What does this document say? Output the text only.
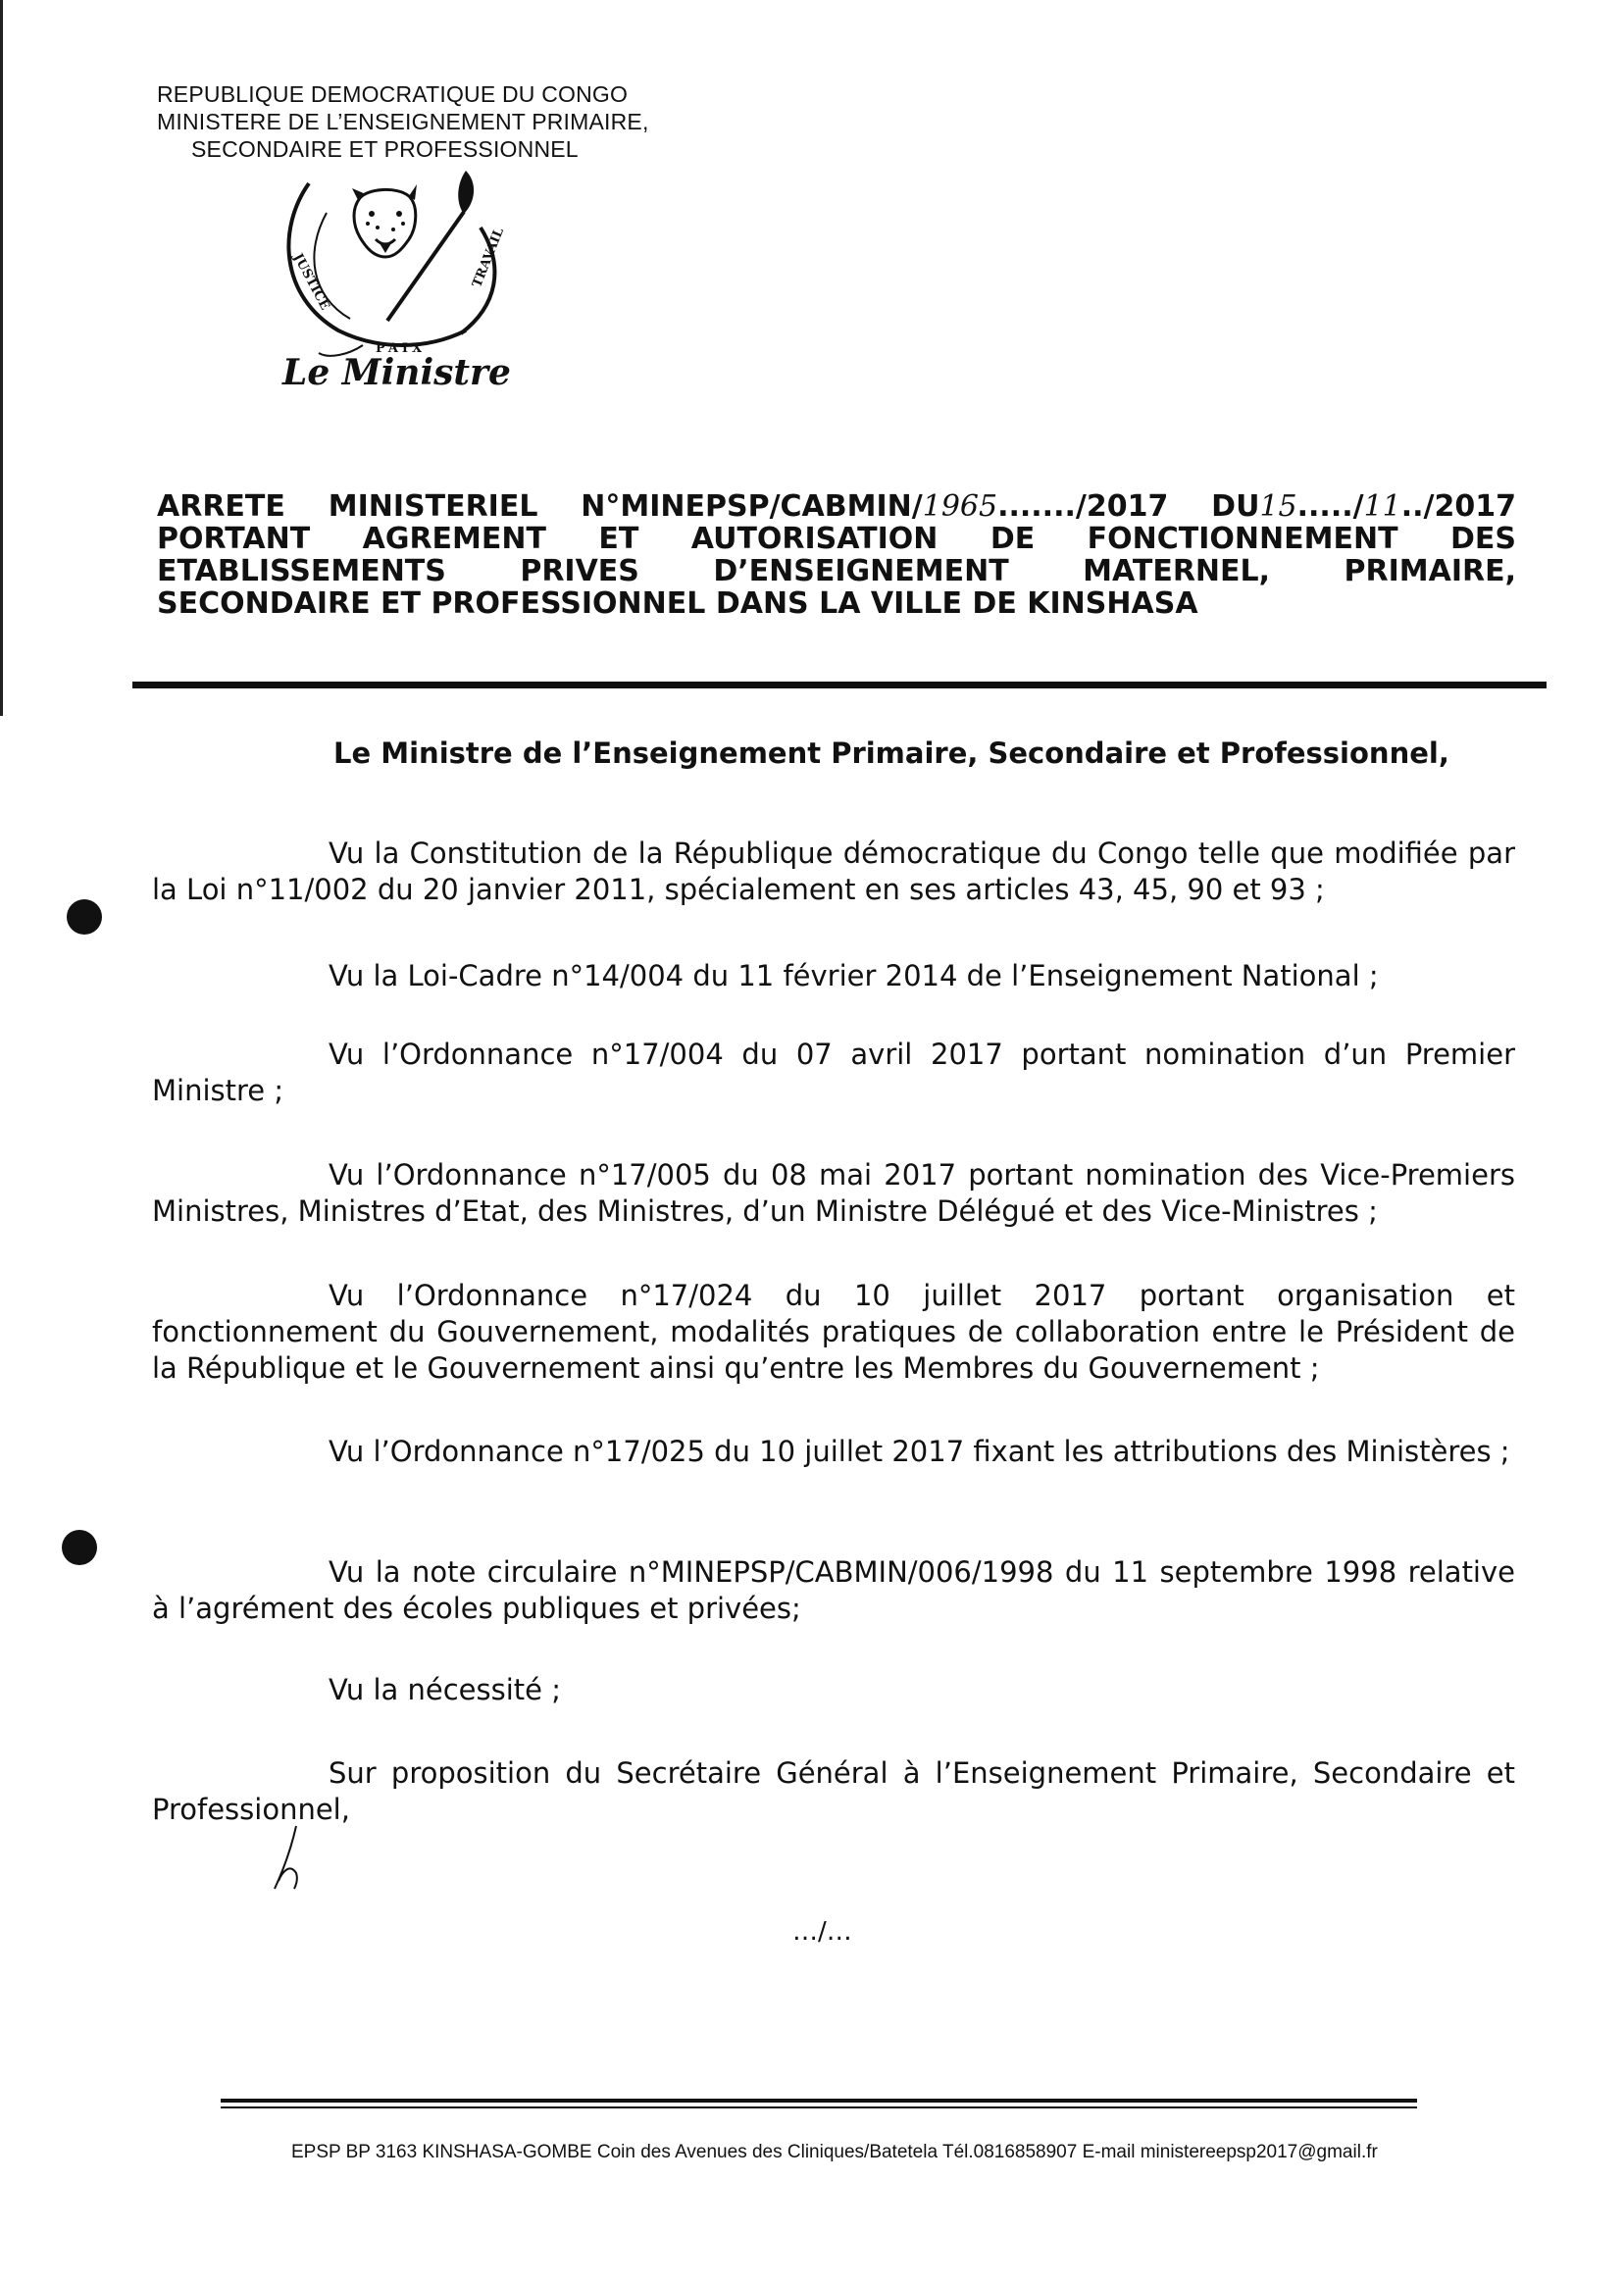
REPUBLIQUE DEMOCRATIQUE DU CONGO
MINISTERE DE L’ENSEIGNEMENT PRIMAIRE,
SECONDAIRE ET PROFESSIONNEL
JUSTICE
PAIX
TRAVAIL
Le Ministre
ARRETE MINISTERIEL N°MINEPSP/CABMIN/1965......./2017 DU15...../11../2017
PORTANT AGREMENT ET AUTORISATION DE FONCTIONNEMENT DES
ETABLISSEMENTS PRIVES D’ENSEIGNEMENT MATERNEL, PRIMAIRE,
SECONDAIRE ET PROFESSIONNEL DANS LA VILLE DE KINSHASA
Le Ministre de l’Enseignement Primaire, Secondaire et Professionnel,
Vu la Constitution de la République démocratique du Congo telle que modifiée par la Loi n°11/002 du 20 janvier 2011, spécialement en ses articles 43, 45, 90 et 93 ;
Vu la Loi-Cadre n°14/004 du 11 février 2014 de l’Enseignement National ;
Vu l’Ordonnance n°17/004 du 07 avril 2017 portant nomination d’un Premier Ministre ;
Vu l’Ordonnance n°17/005 du 08 mai 2017 portant nomination des Vice-Premiers Ministres, Ministres d’Etat, des Ministres, d’un Ministre Délégué et des Vice-Ministres ;
Vu l’Ordonnance n°17/024 du 10 juillet 2017 portant organisation et fonctionnement du Gouvernement, modalités pratiques de collaboration entre le Président de la République et le Gouvernement ainsi qu’entre les Membres du Gouvernement ;
Vu l’Ordonnance n°17/025 du 10 juillet 2017 fixant les attributions des Ministères ;
Vu la note circulaire n°MINEPSP/CABMIN/006/1998 du 11 septembre 1998 relative à l’agrément des écoles publiques et privées;
Vu la nécessité ;
Sur proposition du Secrétaire Général à l’Enseignement Primaire, Secondaire et Professionnel,
…/…
EPSP BP 3163 KINSHASA-GOMBE Coin des Avenues des Cliniques/Batetela Tél.0816858907 E-mail ministereepsp2017@gmail.fr
